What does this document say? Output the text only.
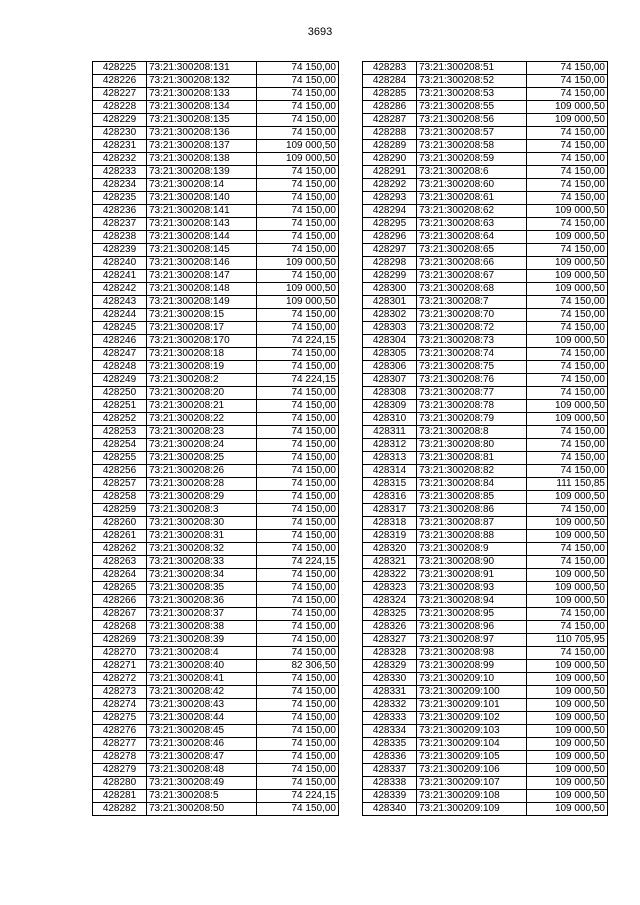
3693
428225	73:21:300208:131	74 150,00
428226	73:21:300208:132	74 150,00
428227	73:21:300208:133	74 150,00
428228	73:21:300208:134	74 150,00
428229	73:21:300208:135	74 150,00
428230	73:21:300208:136	74 150,00
428231	73:21:300208:137	109 000,50
428232	73:21:300208:138	109 000,50
428233	73:21:300208:139	74 150,00
428234	73:21:300208:14	74 150,00
428235	73:21:300208:140	74 150,00
428236	73:21:300208:141	74 150,00
428237	73:21:300208:143	74 150,00
428238	73:21:300208:144	74 150,00
428239	73:21:300208:145	74 150,00
428240	73:21:300208:146	109 000,50
428241	73:21:300208:147	74 150,00
428242	73:21:300208:148	109 000,50
428243	73:21:300208:149	109 000,50
428244	73:21:300208:15	74 150,00
428245	73:21:300208:17	74 150,00
428246	73:21:300208:170	74 224,15
428247	73:21:300208:18	74 150,00
428248	73:21:300208:19	74 150,00
428249	73:21:300208:2	74 224,15
428250	73:21:300208:20	74 150,00
428251	73:21:300208:21	74 150,00
428252	73:21:300208:22	74 150,00
428253	73:21:300208:23	74 150,00
428254	73:21:300208:24	74 150,00
428255	73:21:300208:25	74 150,00
428256	73:21:300208:26	74 150,00
428257	73:21:300208:28	74 150,00
428258	73:21:300208:29	74 150,00
428259	73:21:300208:3	74 150,00
428260	73:21:300208:30	74 150,00
428261	73:21:300208:31	74 150,00
428262	73:21:300208:32	74 150,00
428263	73:21:300208:33	74 224,15
428264	73:21:300208:34	74 150,00
428265	73:21:300208:35	74 150,00
428266	73:21:300208:36	74 150,00
428267	73:21:300208:37	74 150,00
428268	73:21:300208:38	74 150,00
428269	73:21:300208:39	74 150,00
428270	73:21:300208:4	74 150,00
428271	73:21:300208:40	82 306,50
428272	73:21:300208:41	74 150,00
428273	73:21:300208:42	74 150,00
428274	73:21:300208:43	74 150,00
428275	73:21:300208:44	74 150,00
428276	73:21:300208:45	74 150,00
428277	73:21:300208:46	74 150,00
428278	73:21:300208:47	74 150,00
428279	73:21:300208:48	74 150,00
428280	73:21:300208:49	74 150,00
428281	73:21:300208:5	74 224,15
428282	73:21:300208:50	74 150,00
428283	73:21:300208:51	74 150,00
428284	73:21:300208:52	74 150,00
428285	73:21:300208:53	74 150,00
428286	73:21:300208:55	109 000,50
428287	73:21:300208:56	109 000,50
428288	73:21:300208:57	74 150,00
428289	73:21:300208:58	74 150,00
428290	73:21:300208:59	74 150,00
428291	73:21:300208:6	74 150,00
428292	73:21:300208:60	74 150,00
428293	73:21:300208:61	74 150,00
428294	73:21:300208:62	109 000,50
428295	73:21:300208:63	74 150,00
428296	73:21:300208:64	109 000,50
428297	73:21:300208:65	74 150,00
428298	73:21:300208:66	109 000,50
428299	73:21:300208:67	109 000,50
428300	73:21:300208:68	109 000,50
428301	73:21:300208:7	74 150,00
428302	73:21:300208:70	74 150,00
428303	73:21:300208:72	74 150,00
428304	73:21:300208:73	109 000,50
428305	73:21:300208:74	74 150,00
428306	73:21:300208:75	74 150,00
428307	73:21:300208:76	74 150,00
428308	73:21:300208:77	74 150,00
428309	73:21:300208:78	109 000,50
428310	73:21:300208:79	109 000,50
428311	73:21:300208:8	74 150,00
428312	73:21:300208:80	74 150,00
428313	73:21:300208:81	74 150,00
428314	73:21:300208:82	74 150,00
428315	73:21:300208:84	111 150,85
428316	73:21:300208:85	109 000,50
428317	73:21:300208:86	74 150,00
428318	73:21:300208:87	109 000,50
428319	73:21:300208:88	109 000,50
428320	73:21:300208:9	74 150,00
428321	73:21:300208:90	74 150,00
428322	73:21:300208:91	109 000,50
428323	73:21:300208:93	109 000,50
428324	73:21:300208:94	109 000,50
428325	73:21:300208:95	74 150,00
428326	73:21:300208:96	74 150,00
428327	73:21:300208:97	110 705,95
428328	73:21:300208:98	74 150,00
428329	73:21:300208:99	109 000,50
428330	73:21:300209:10	109 000,50
428331	73:21:300209:100	109 000,50
428332	73:21:300209:101	109 000,50
428333	73:21:300209:102	109 000,50
428334	73:21:300209:103	109 000,50
428335	73:21:300209:104	109 000,50
428336	73:21:300209:105	109 000,50
428337	73:21:300209:106	109 000,50
428338	73:21:300209:107	109 000,50
428339	73:21:300209:108	109 000,50
428340	73:21:300209:109	109 000,50
